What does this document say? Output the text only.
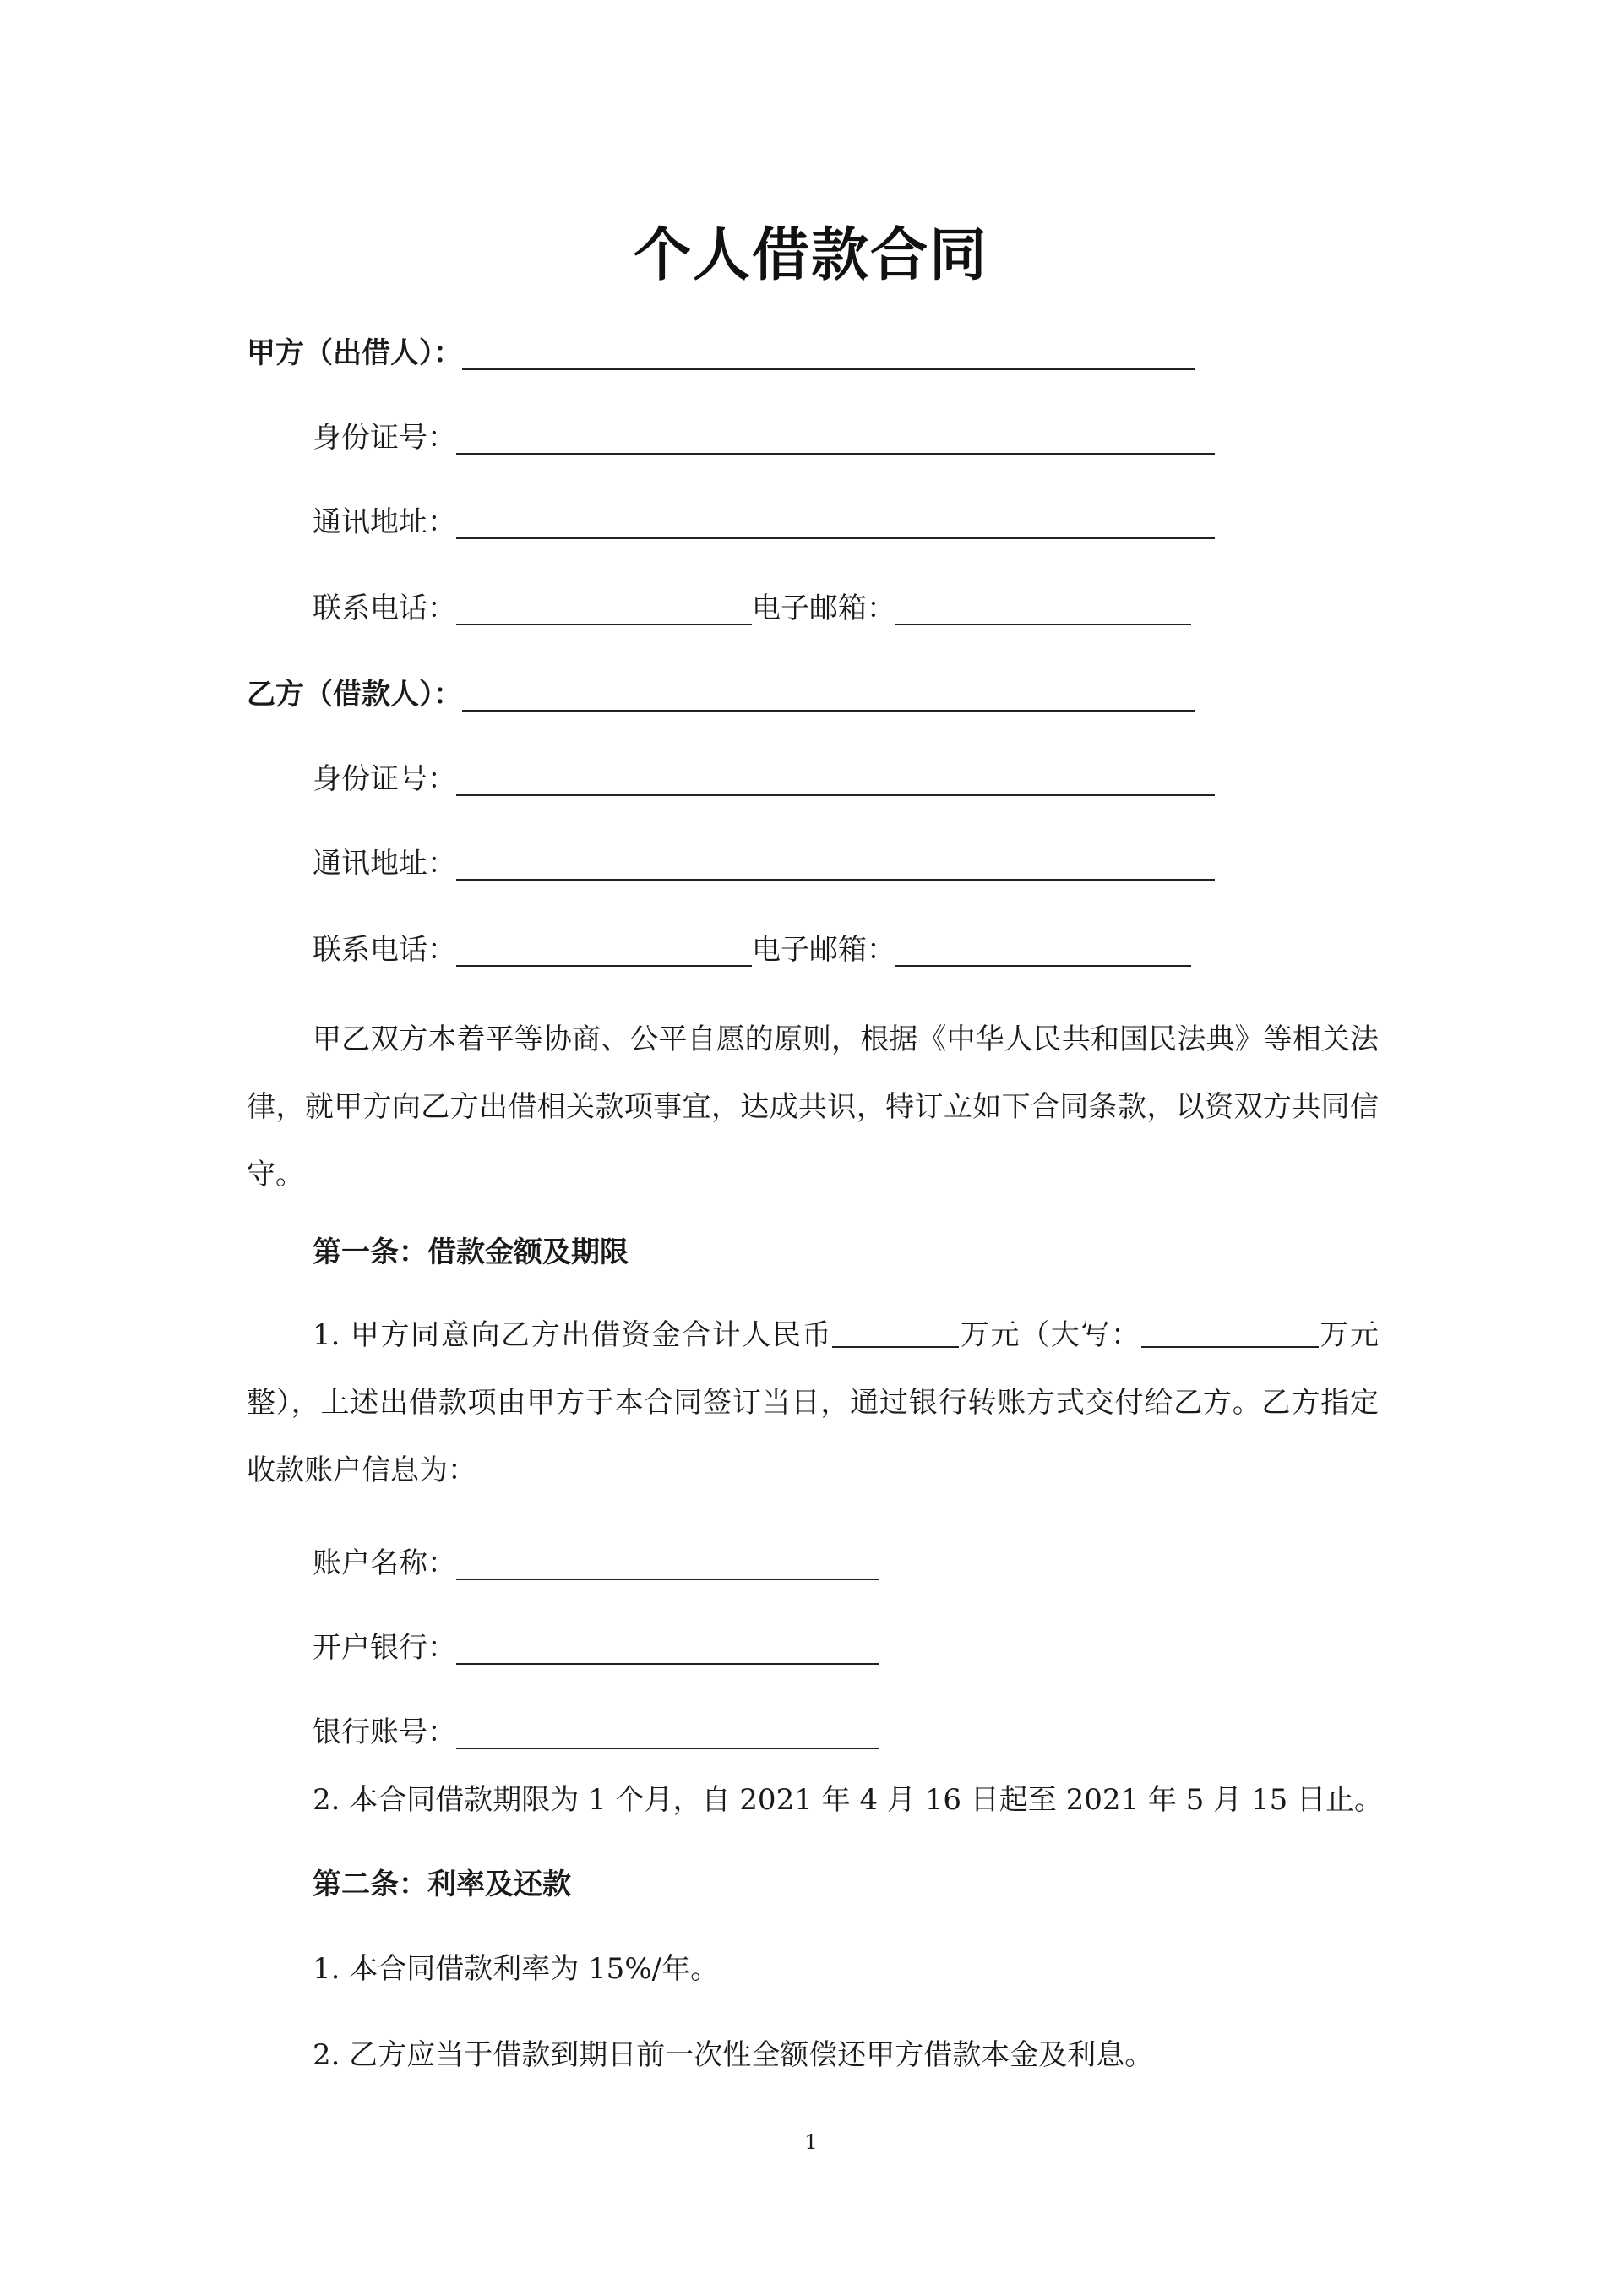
个人借款合同
甲方（出借人）：
身份证号：
通讯地址：
联系电话：	电子邮箱：
乙方（借款人）：
身份证号：
通讯地址：
联系电话：	电子邮箱：
甲乙双方本着平等协商、公平自愿的原则，根据《中华人民共和国民法典》等相关法律，就甲方向乙方出借相关款项事宜，达成共识，特订立如下合同条款，以资双方共同信守。
第一条：借款金额及期限
1. 甲方同意向乙方出借资金合计人民币	万元（大写：	万元整），上述出借款项由甲方于本合同签订当日，通过银行转账方式交付给乙方。乙方指定收款账户信息为：
账户名称：
开户银行：
银行账号：
2. 本合同借款期限为 1 个月，自 2021 年 4 月 16 日起至 2021 年 5 月 15 日止。
第二条：利率及还款
1. 本合同借款利率为 15%/年。
2. 乙方应当于借款到期日前一次性全额偿还甲方借款本金及利息。
1
